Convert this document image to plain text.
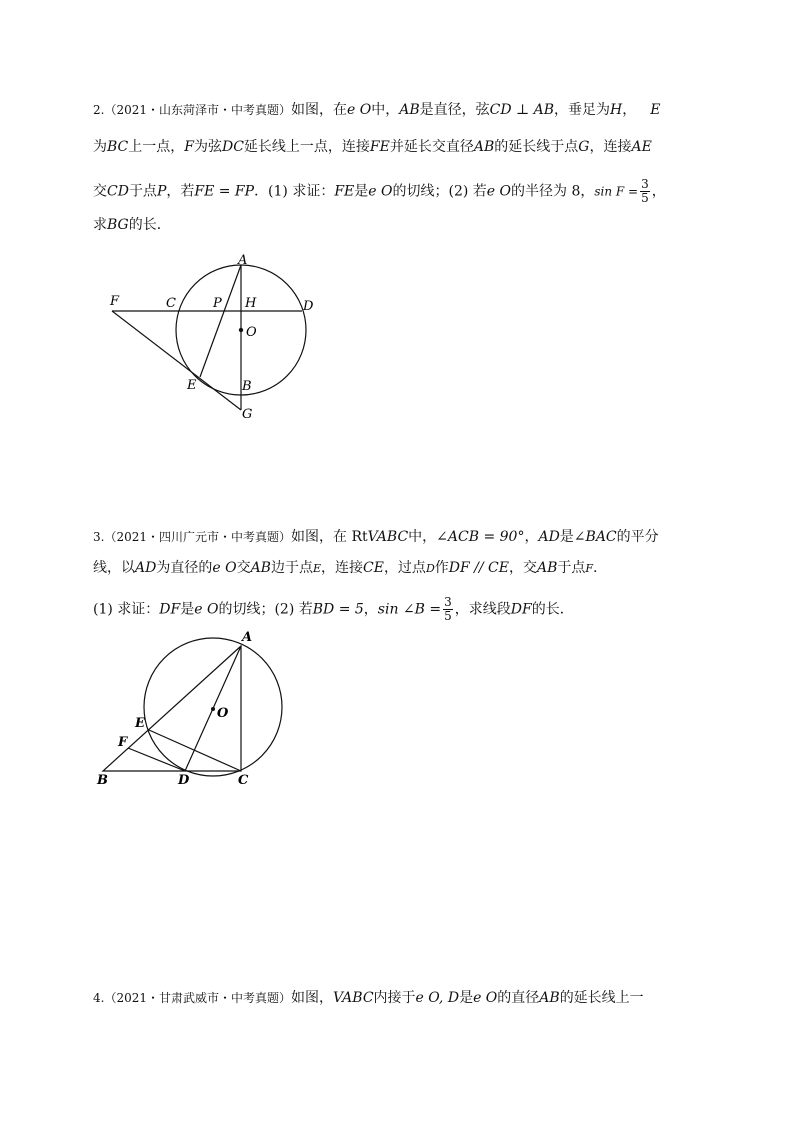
2.（2021・山东菏泽市・中考真题）如图，在e O中，AB是直径，弦CD ⊥ AB，垂足为H， E
为BC上一点，F为弦DC延长线上一点，连接FE并延长交直径AB的延长线于点G，连接AE
交CD于点P，若FE = FP．(1) 求证：FE是e O的切线；(2) 若e O的半径为 8，$\sin F = \frac{3}{5}$ ，
求BG的长．
A
C	P H	D
F
O
E	B
G
3.（2021・四川广元市・中考真题）如图，在 RtVABC中，∠ACB = 90°，AD是∠BAC的平分
线，以AD为直径的e O交AB边于点E，连接CE，过点D作DF // CE，交AB于点F.
(1) 求证：DF是e O的切线；(2) 若BD = 5，sin ∠B = $\frac{3}{5}$ ，求线段DF的长．
A
O
E
F
B	D	C
4.（2021・甘肃武威市・中考真题）如图，VABC内接于e O, D是e O的直径AB的延长线上一
